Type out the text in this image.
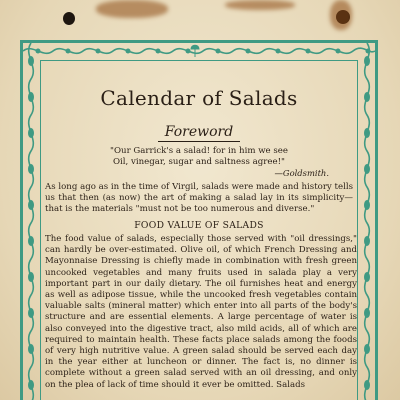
Calendar of Salads
Foreword

"Our Garrick's a salad! for in him we see

Oil, vinegar, sugar and saltness agree!"

—Goldsmith.

As long ago as in the time of Virgil, salads were made and history tells us that then (as now) the art of making a salad lay in its simplicity—that is the materials "must not be too numerous and diverse."

FOOD VALUE OF SALADS

The food value of salads, especially those served with "oil dressings," can hardly be over-estimated. Olive oil, of which French Dressing and Mayonnaise Dressing is chiefly made in combination with fresh green uncooked vegetables and many fruits used in salada play a very important part in our daily dietary. The oil furnishes heat and energy as well as adipose tissue, while the uncooked fresh vegetables contain valuable salts (mineral matter) which enter into all parts of the body's structure and are essential elements. A large percentage of water is also conveyed into the digestive tract, also mild acids, all of which are required to maintain health. These facts place salads among the foods of very high nutritive value. A green salad should be served each day in the year either at luncheon or dinner. The fact is, no dinner is complete without a green salad served with an oil dressing, and only on the plea of lack of time should it ever be omitted. Salads
